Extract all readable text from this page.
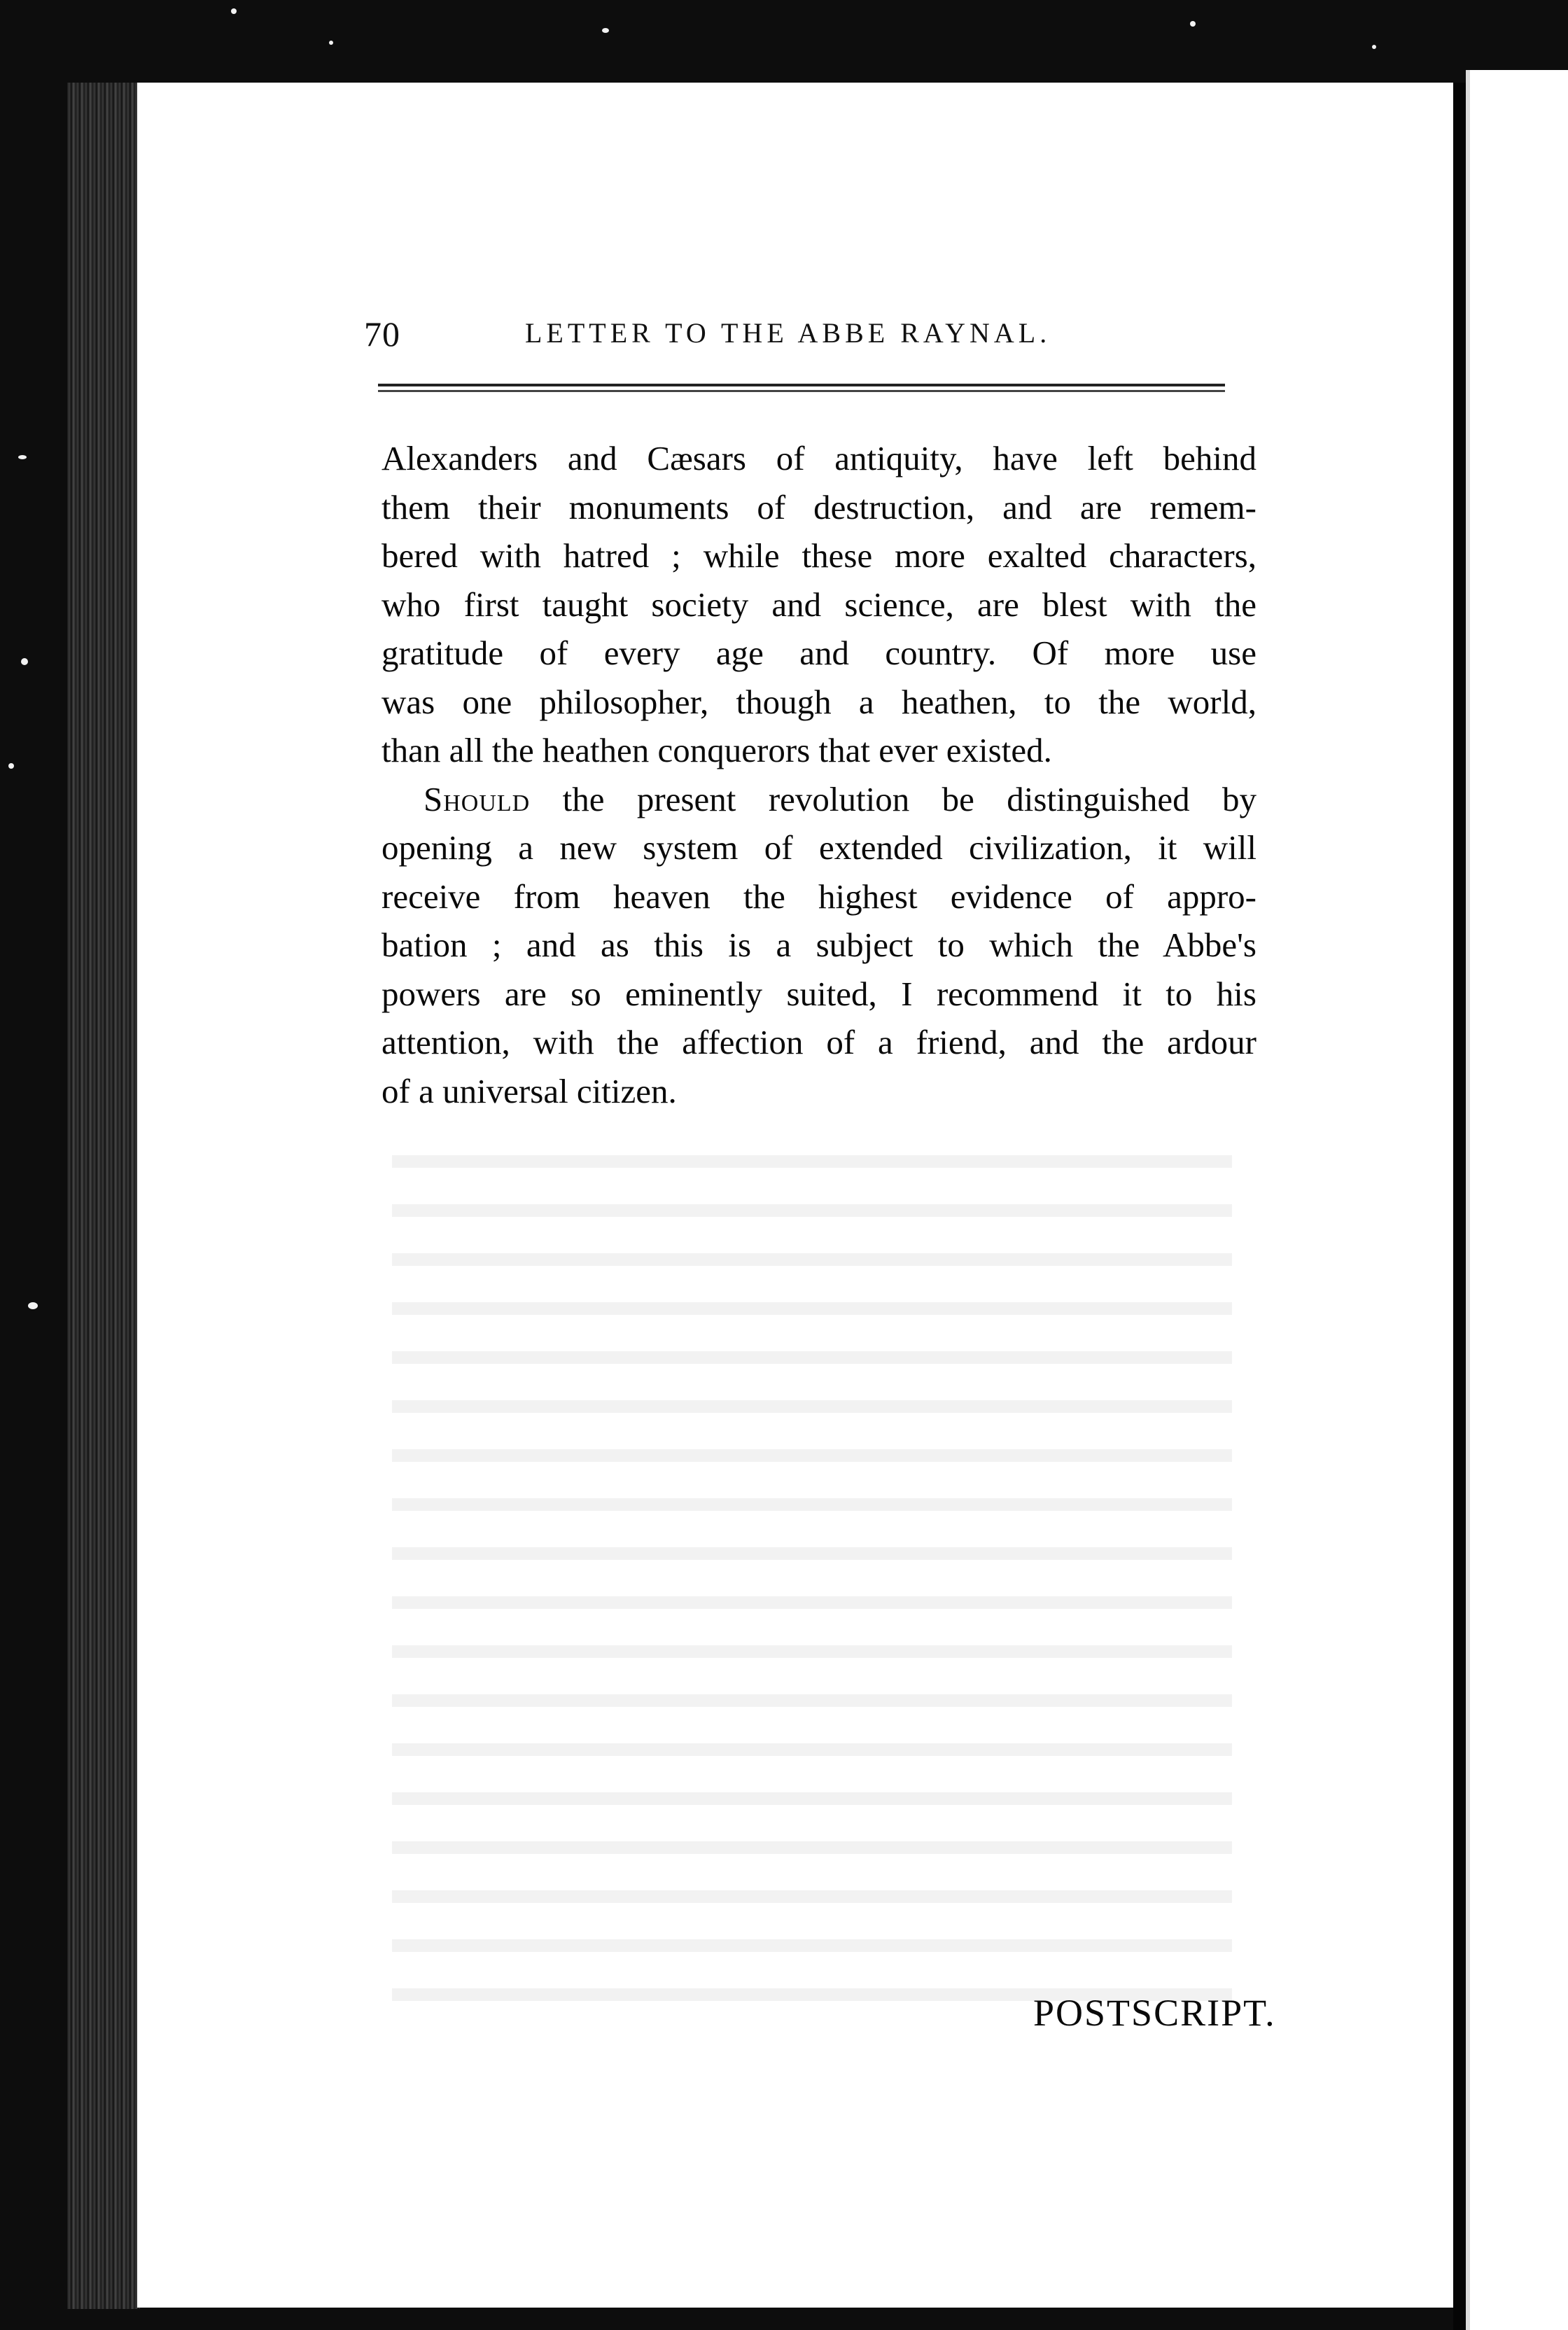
70	LETTER TO THE ABBE RAYNAL.

Alexanders and Cæsars of antiquity, have left behind
them their monuments of destruction, and are remem-
bered with hatred ; while these more exalted characters,
who first taught society and science, are blest with the
gratitude of every age and country. Of more use
was one philosopher, though a heathen, to the world,
than all the heathen conquerors that ever existed.

Should the present revolution be distinguished by
opening a new system of extended civilization, it will
receive from heaven the highest evidence of appro-
bation ; and as this is a subject to which the Abbe's
powers are so eminently suited, I recommend it to his
attention, with the affection of a friend, and the ardour
of a universal citizen.

POSTSCRIPT.
